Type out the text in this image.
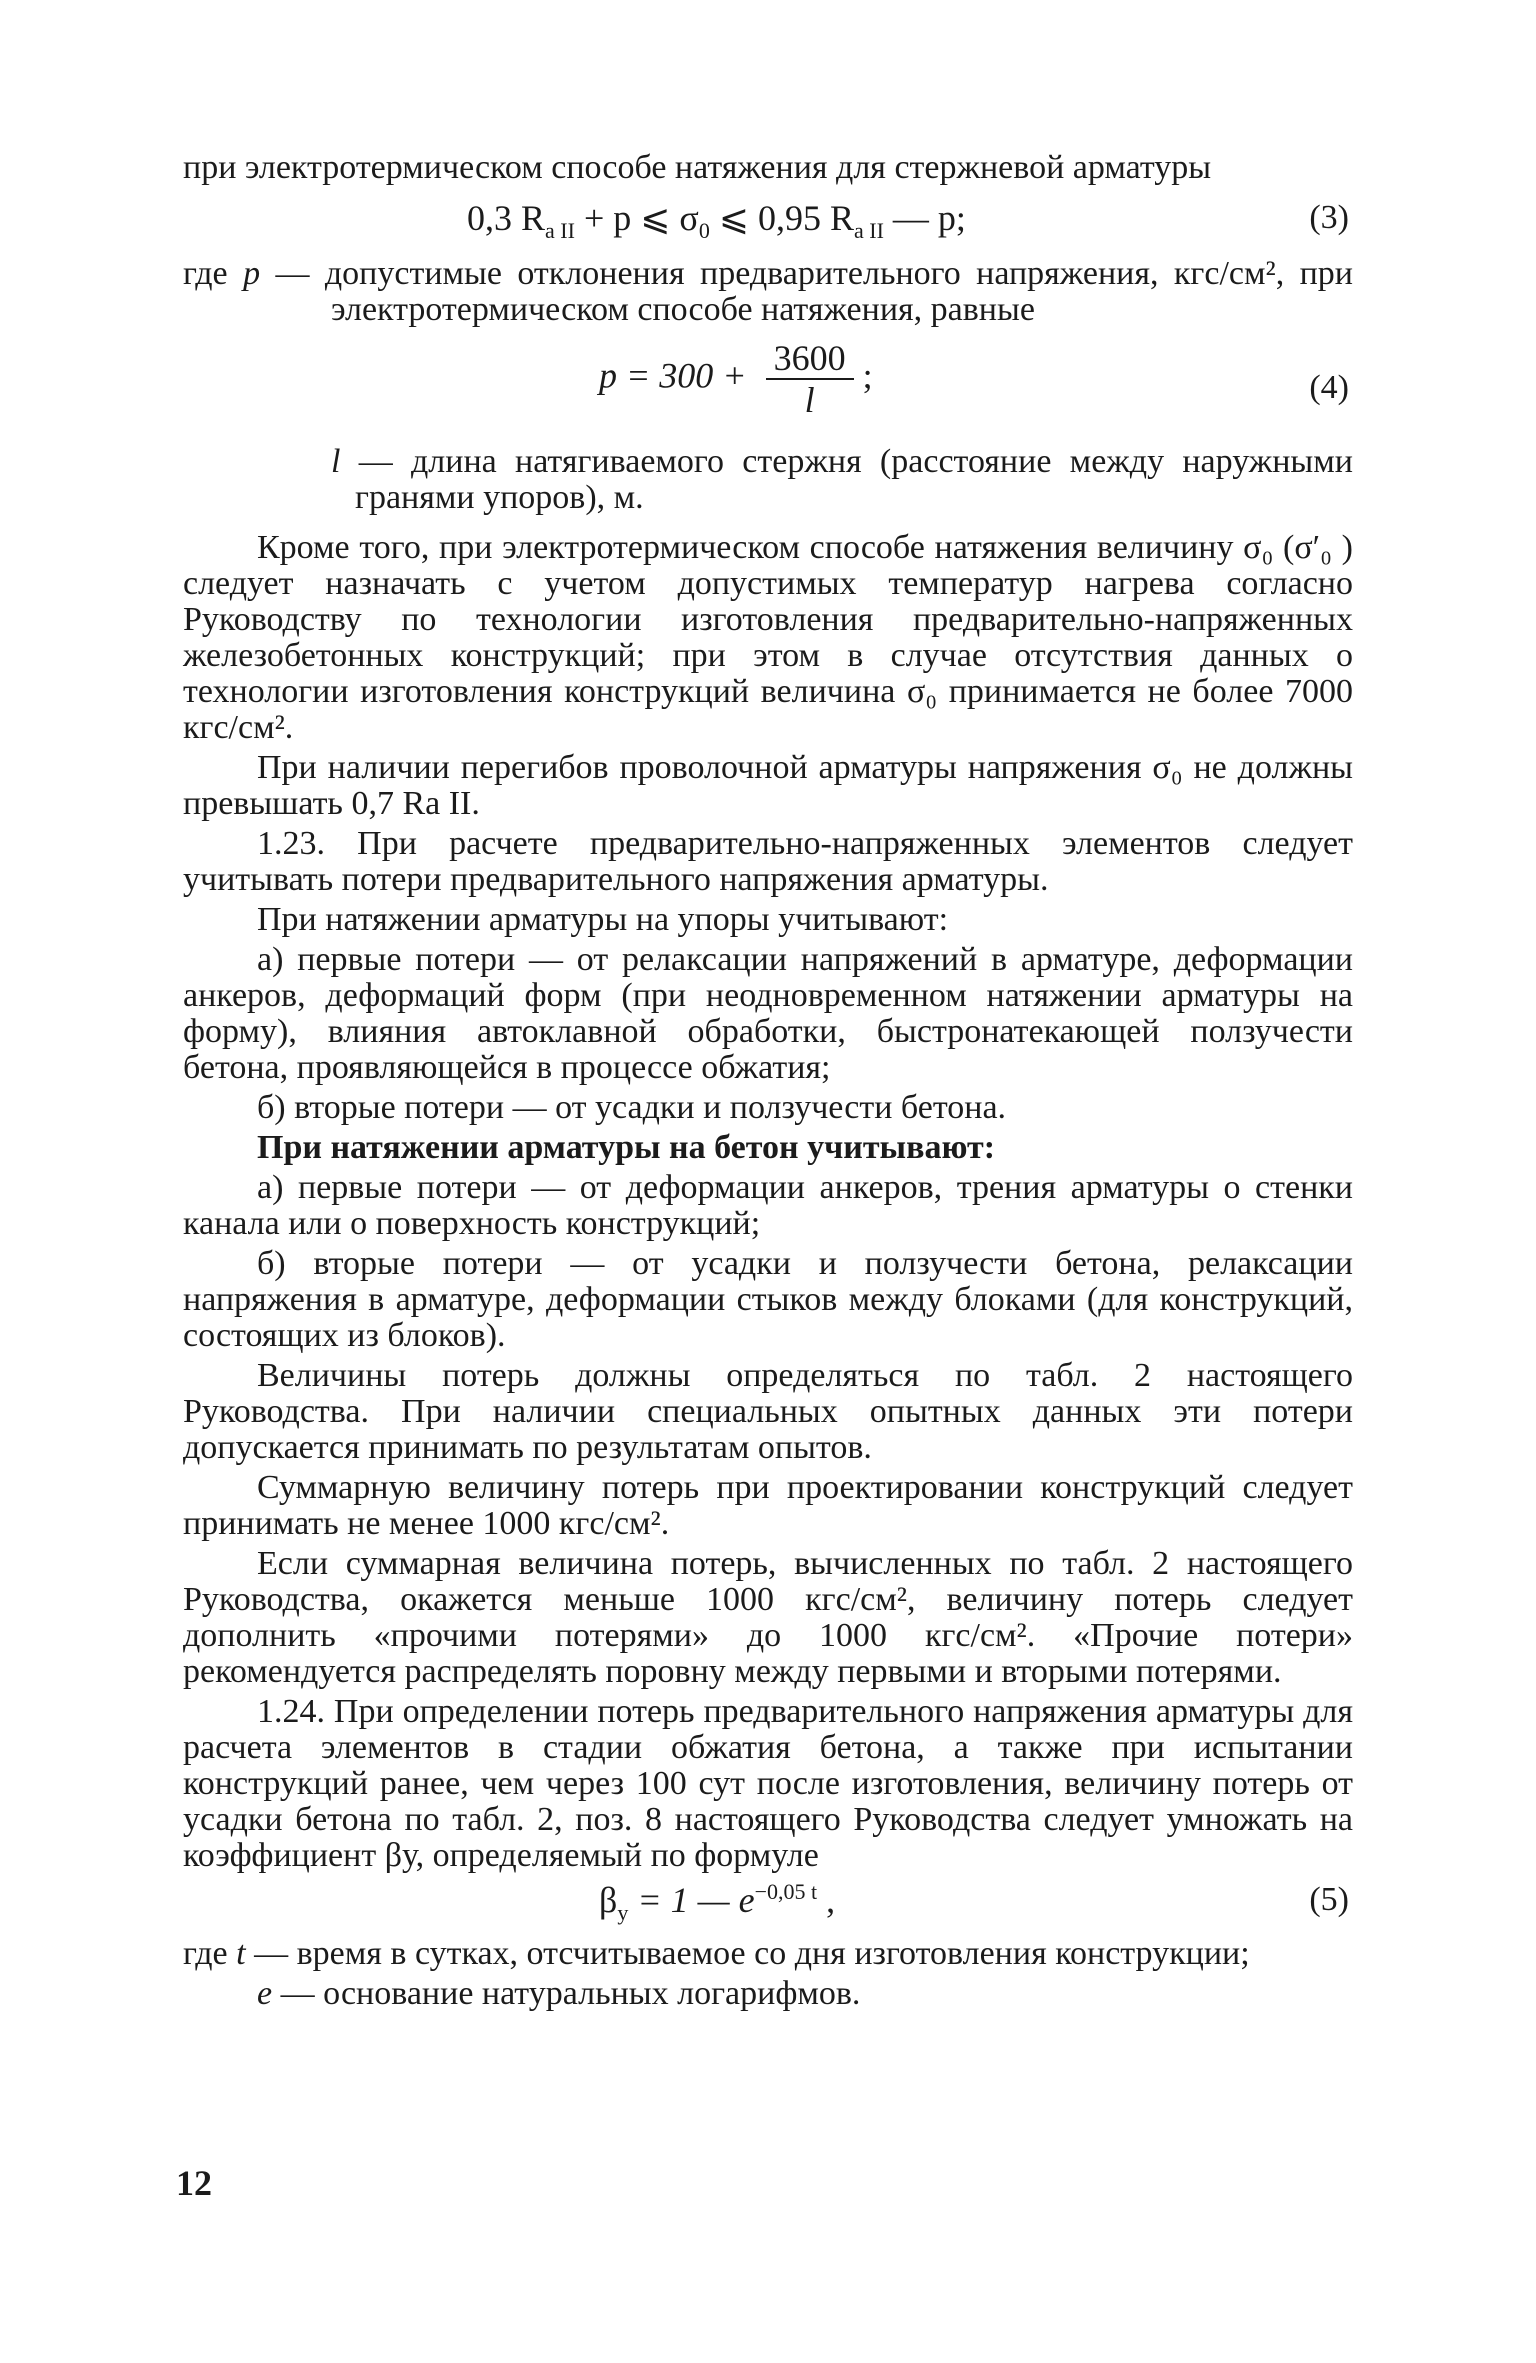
при электротермическом способе натяжения для стержневой арматуры

0,3 $R_{а II} + p$ ⩽ $\sigma_0$ ⩽ 0,95 $R_{а II}$ — p;	(3)

где p — допустимые отклонения предварительного напряжения, кгс/см², при электротермическом способе натяжения, равные

$p = 300 + \frac{3600}{l}$ ;	(4)

l — длина натягиваемого стержня (расстояние между наружными гранями упоров), м.

Кроме того, при электротермическом способе натяжения величину σ₀ (σ′₀ ) следует назначать с учетом допустимых температур нагрева согласно Руководству по технологии изготовления предварительно-напряженных железобетонных конструкций; при этом в случае отсутствия данных о технологии изготовления конструкций величина σ₀ принимается не более 7000 кгс/см².

При наличии перегибов проволочной арматуры напряжения σ₀ не должны превышать 0,7 Rа II.

1.23. При расчете предварительно-напряженных элементов следует учитывать потери предварительного напряжения арматуры.

При натяжении арматуры на упоры учитывают:

а) первые потери — от релаксации напряжений в арматуре, деформации анкеров, деформаций форм (при неодновременном натяжении арматуры на форму), влияния автоклавной обработки, быстронатекающей ползучести бетона, проявляющейся в процессе обжатия;

б) вторые потери — от усадки и ползучести бетона.

При натяжении арматуры на бетон учитывают:

а) первые потери — от деформации анкеров, трения арматуры о стенки канала или о поверхность конструкций;

б) вторые потери — от усадки и ползучести бетона, релаксации напряжения в арматуре, деформации стыков между блоками (для конструкций, состоящих из блоков).

Величины потерь должны определяться по табл. 2 настоящего Руководства. При наличии специальных опытных данных эти потери допускается принимать по результатам опытов.

Суммарную величину потерь при проектировании конструкций следует принимать не менее 1000 кгс/см².

Если суммарная величина потерь, вычисленных по табл. 2 настоящего Руководства, окажется меньше 1000 кгс/см², величину потерь следует дополнить «прочими потерями» до 1000 кгс/см². «Прочие потери» рекомендуется распределять поровну между первыми и вторыми потерями.

1.24. При определении потерь предварительного напряжения арматуры для расчета элементов в стадии обжатия бетона, а также при испытании конструкций ранее, чем через 100 сут после изготовления, величину потерь от усадки бетона по табл. 2, поз. 8 настоящего Руководства следует умножать на коэффициент βу, определяемый по формуле

$\beta_у = 1$ — $e^{-0,05 t}$ ,	(5)

где t — время в сутках, отсчитываемое со дня изготовления конструкции;

e — основание натуральных логарифмов.

12
